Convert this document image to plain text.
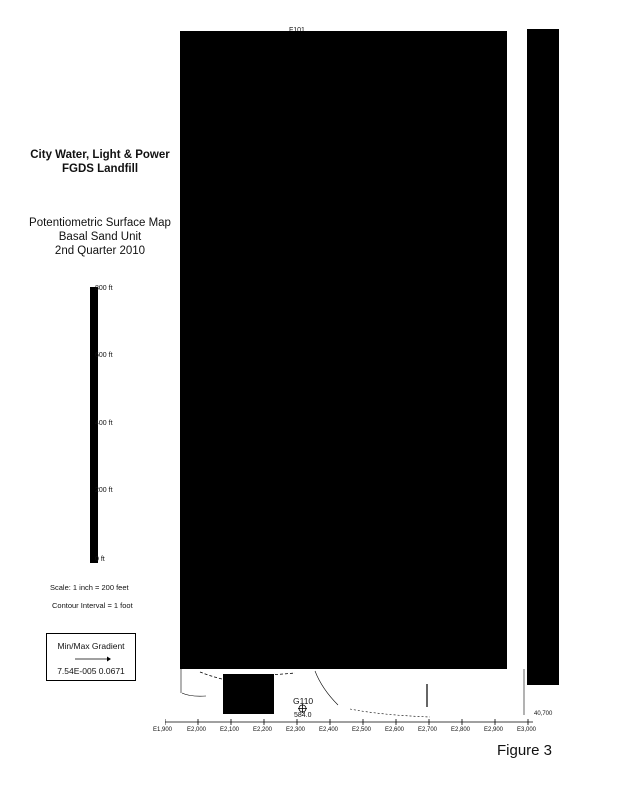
City Water, Light & Power
FGDS Landfill
Potentiometric Surface Map
Basal Sand Unit
2nd Quarter 2010
800 ft
600 ft
400 ft
200 ft
0 ft
Scale: 1 inch = 200 feet
Contour Interval = 1 foot
Min/Max Gradient
7.54E-005 0.0671
G110
584.0	40,700
E1,900 E2,000 E2,100 E2,200 E2,300 E2,400 E2,500 E2,600 E2,700 E2,800 E2,900 E3,000
Figure 3
